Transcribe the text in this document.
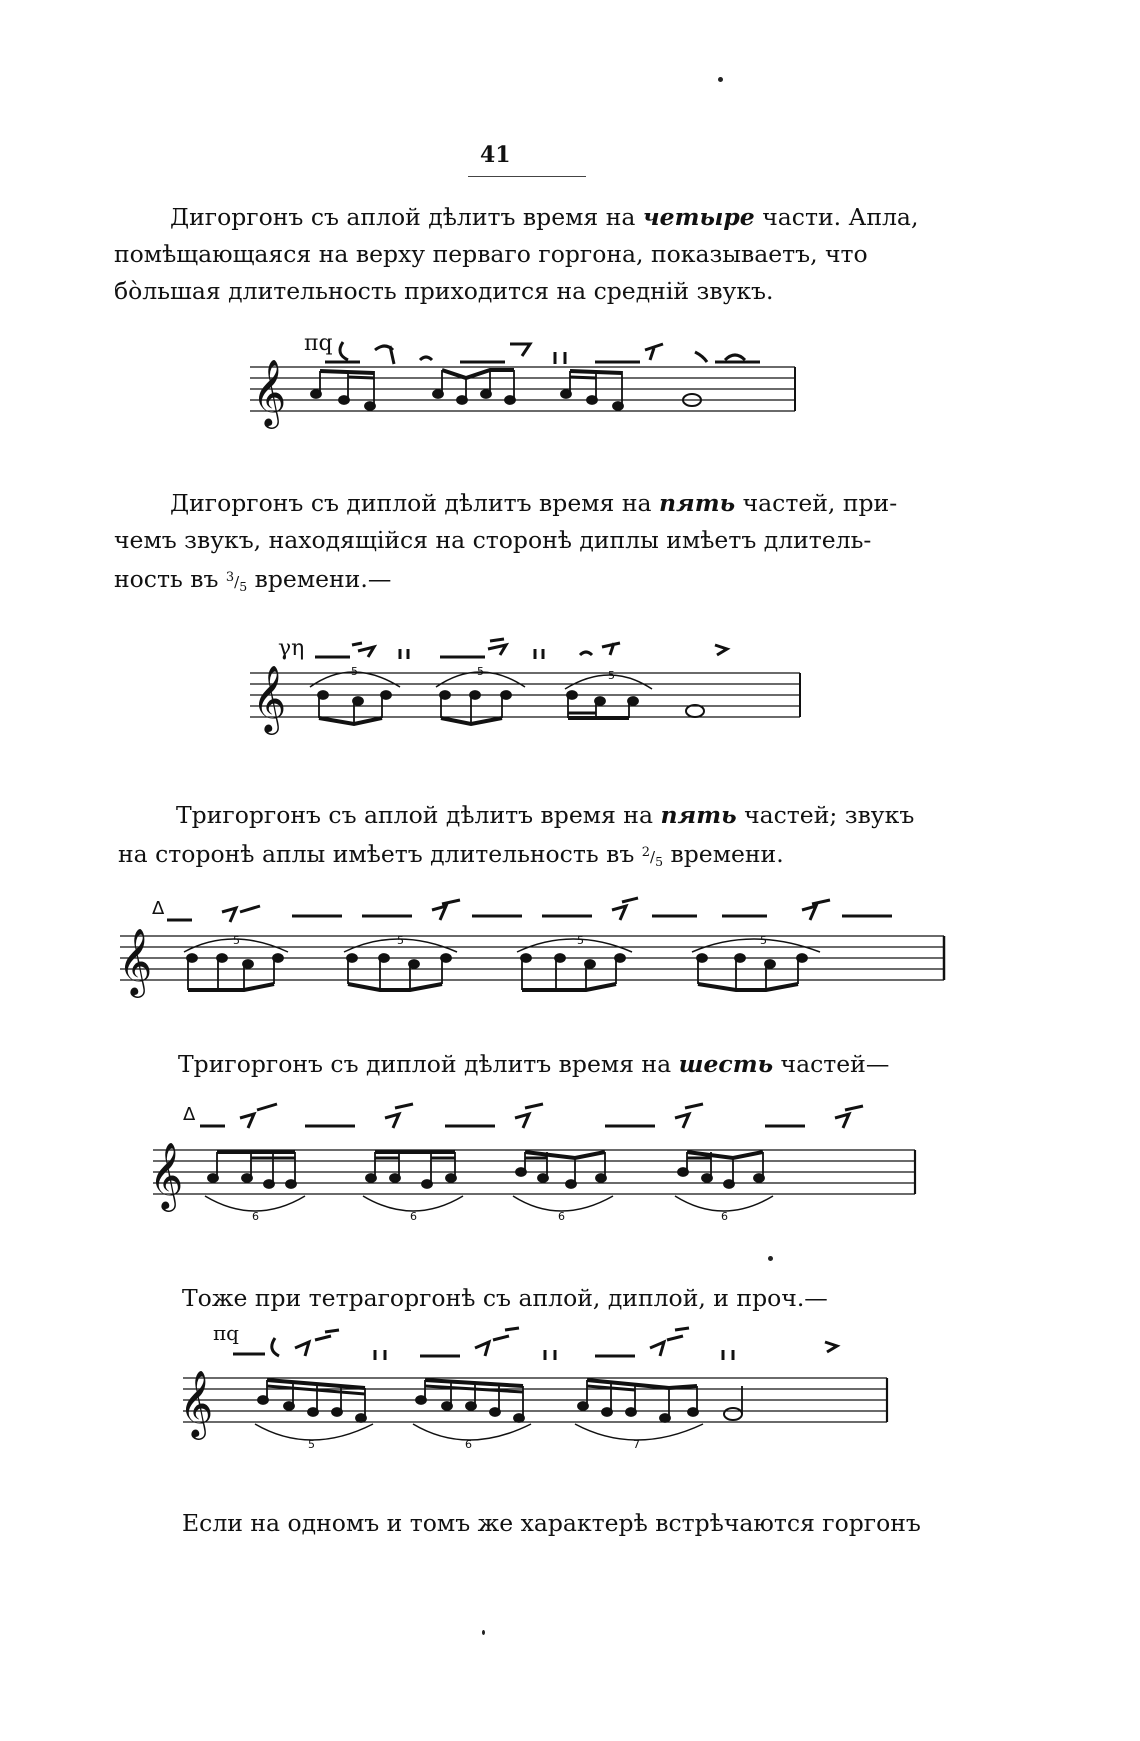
41
Дигоргонъ съ аплой дѣлитъ время на четыре части. Апла,
помѣщающаяся на верху перваго горгона, показываетъ, что
бо̀льшая длительность приходится на средній звукъ.
πq
𝄞
Дигоргонъ съ диплой дѣлитъ время на пять частей, при-
чемъ звукъ, находящійся на сторонѣ диплы имѣетъ длитель-
ность въ $^3/_5$ времени.—
γη
𝄞	5	5	5
Тригоргонъ съ аплой дѣлитъ время на пять частей; звукъ
на сторонѣ аплы имѣетъ длительность въ $^2/_5$ времени.
Δ
𝄞	5	5	5	5
Тригоргонъ съ диплой дѣлитъ время на шесть частей—
Δ
𝄞
6	6	6	6
Тоже при тетрагоргонѣ съ аплой, диплой, и проч.—
πq
𝄞
5	6	7
Если на одномъ и томъ же характерѣ встрѣчаются горгонъ
